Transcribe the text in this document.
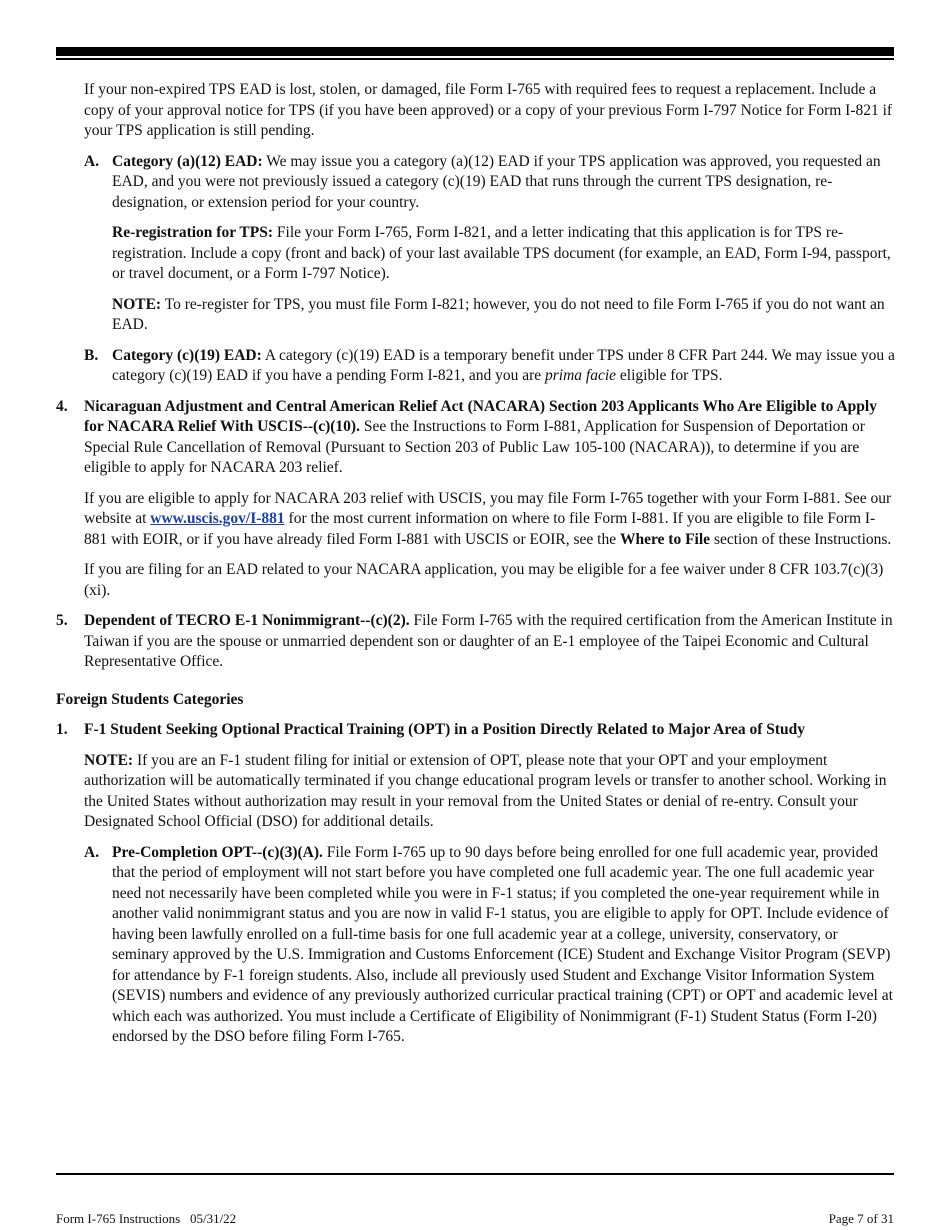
If your non-expired TPS EAD is lost, stolen, or damaged, file Form I-765 with required fees to request a replacement. Include a copy of your approval notice for TPS (if you have been approved) or a copy of your previous Form I-797 Notice for Form I-821 if your TPS application is still pending.

A. Category (a)(12) EAD: We may issue you a category (a)(12) EAD if your TPS application was approved, you requested an EAD, and you were not previously issued a category (c)(19) EAD that runs through the current TPS designation, re-designation, or extension period for your country.

Re-registration for TPS: File your Form I-765, Form I-821, and a letter indicating that this application is for TPS re-registration. Include a copy (front and back) of your last available TPS document (for example, an EAD, Form I-94, passport, or travel document, or a Form I-797 Notice).

NOTE: To re-register for TPS, you must file Form I-821; however, you do not need to file Form I-765 if you do not want an EAD.

B. Category (c)(19) EAD: A category (c)(19) EAD is a temporary benefit under TPS under 8 CFR Part 244. We may issue you a category (c)(19) EAD if you have a pending Form I-821, and you are prima facie eligible for TPS.

4. Nicaraguan Adjustment and Central American Relief Act (NACARA) Section 203 Applicants Who Are Eligible to Apply for NACARA Relief With USCIS--(c)(10). See the Instructions to Form I-881, Application for Suspension of Deportation or Special Rule Cancellation of Removal (Pursuant to Section 203 of Public Law 105-100 (NACARA)), to determine if you are eligible to apply for NACARA 203 relief.

If you are eligible to apply for NACARA 203 relief with USCIS, you may file Form I-765 together with your Form I-881. See our website at www.uscis.gov/I-881 for the most current information on where to file Form I-881. If you are eligible to file Form I-881 with EOIR, or if you have already filed Form I-881 with USCIS or EOIR, see the Where to File section of these Instructions.

If you are filing for an EAD related to your NACARA application, you may be eligible for a fee waiver under 8 CFR 103.7(c)(3)(xi).

5. Dependent of TECRO E-1 Nonimmigrant--(c)(2). File Form I-765 with the required certification from the American Institute in Taiwan if you are the spouse or unmarried dependent son or daughter of an E-1 employee of the Taipei Economic and Cultural Representative Office.

Foreign Students Categories

1. F-1 Student Seeking Optional Practical Training (OPT) in a Position Directly Related to Major Area of Study

NOTE: If you are an F-1 student filing for initial or extension of OPT, please note that your OPT and your employment authorization will be automatically terminated if you change educational program levels or transfer to another school. Working in the United States without authorization may result in your removal from the United States or denial of re-entry. Consult your Designated School Official (DSO) for additional details.

A. Pre-Completion OPT--(c)(3)(A). File Form I-765 up to 90 days before being enrolled for one full academic year, provided that the period of employment will not start before you have completed one full academic year. The one full academic year need not necessarily have been completed while you were in F-1 status; if you completed the one-year requirement while in another valid nonimmigrant status and you are now in valid F-1 status, you are eligible to apply for OPT. Include evidence of having been lawfully enrolled on a full-time basis for one full academic year at a college, university, conservatory, or seminary approved by the U.S. Immigration and Customs Enforcement (ICE) Student and Exchange Visitor Program (SEVP) for attendance by F-1 foreign students. Also, include all previously used Student and Exchange Visitor Information System (SEVIS) numbers and evidence of any previously authorized curricular practical training (CPT) or OPT and academic level at which each was authorized. You must include a Certificate of Eligibility of Nonimmigrant (F-1) Student Status (Form I-20) endorsed by the DSO before filing Form I-765.

Form I-765 Instructions   05/31/22	Page 7 of 31
